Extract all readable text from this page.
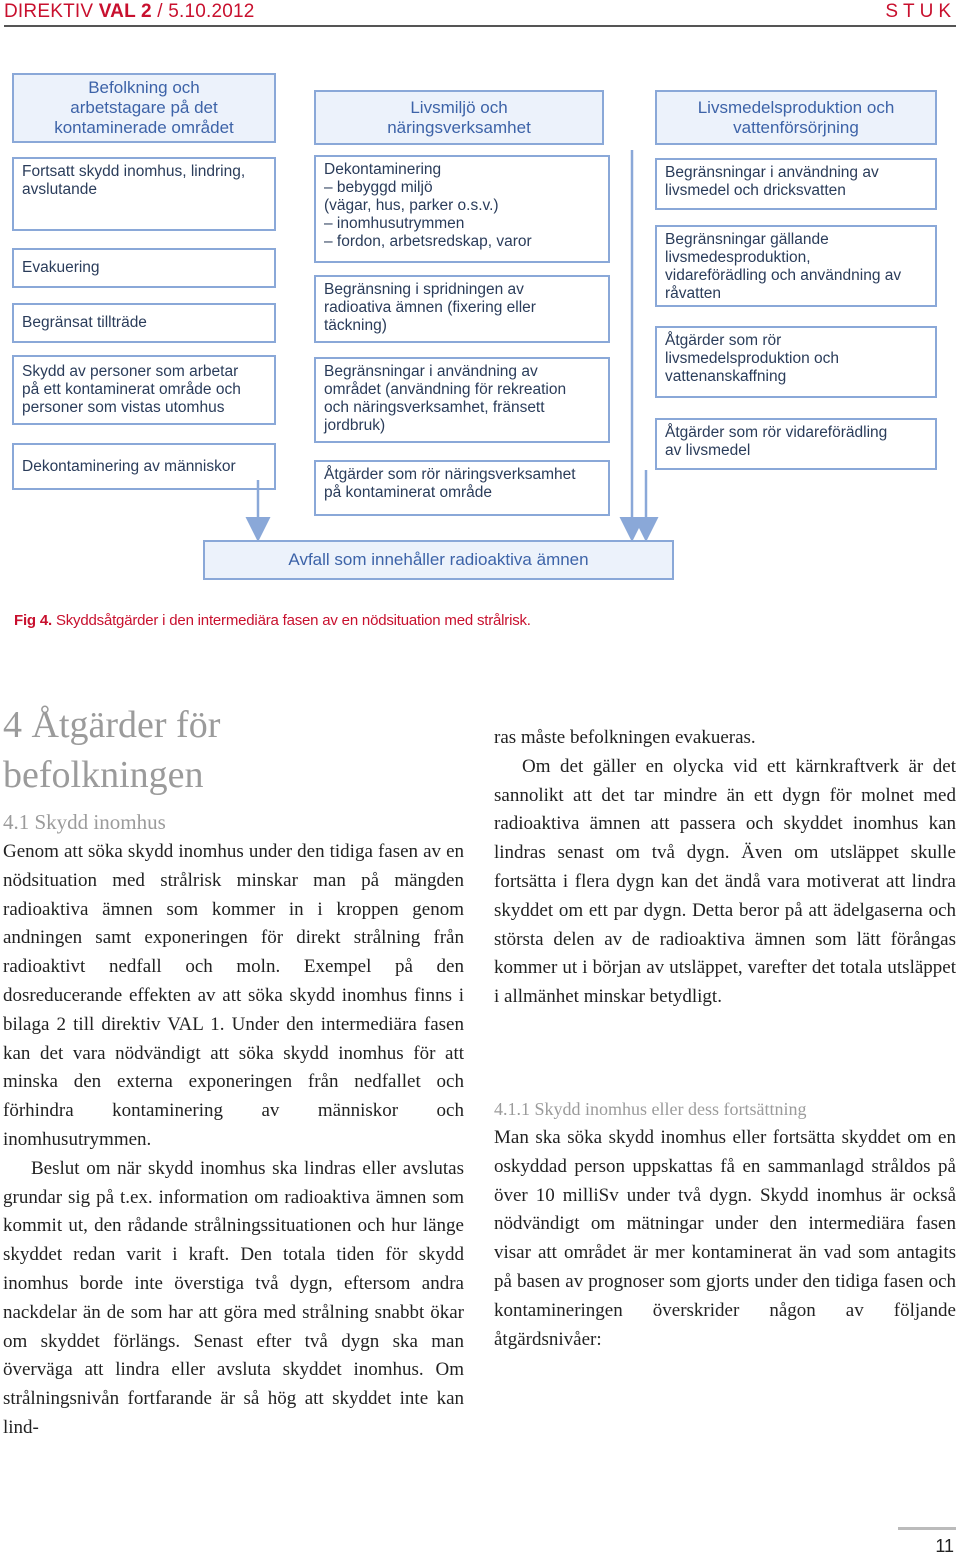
DIREKTIV VAL 2 / 5.10.2012	STUK
Befolkning och
arbetstagare på det
kontaminerade området
Fortsatt skydd inomhus, lindring,
avslutande
Evakuering
Begränsat tillträde
Skydd av personer som arbetar
på ett kontaminerat område och
personer som vistas utomhus
Dekontaminering av människor
Livsmiljö och
näringsverksamhet
Dekontaminering
– bebyggd miljö
(vägar, hus, parker o.s.v.)
– inomhusutrymmen
– fordon, arbetsredskap, varor
Begränsning i spridningen av
radioativa ämnen (fixering eller
täckning)
Begränsningar i användning av
området (användning för rekreation
och näringsverksamhet, fränsett
jordbruk)
Åtgärder som rör näringsverksamhet
på kontaminerat område
Livsmedelsproduktion och
vattenförsörjning
Begränsningar i användning av
livsmedel och dricksvatten
Begränsningar gällande
livsmedesproduktion,
vidareförädling och användning av
råvatten
Åtgärder som rör
livsmedelsproduktion och
vattenanskaffning
Åtgärder som rör vidareförädling
av livsmedel
Avfall som innehåller radioaktiva ämnen
Fig 4. Skyddsåtgärder i den intermediära fasen av en nödsituation med strålrisk.
4 Åtgärder för
befolkningen
4.1 Skydd inomhus

Genom att söka skydd inomhus under den tidiga fasen av en nödsituation med strålrisk minskar man på mängden radioaktiva ämnen som kommer in i kroppen genom andningen samt exponeringen för direkt strålning från radioaktivt nedfall och moln. Exempel på den dosreducerande effekten av att söka skydd inomhus finns i bilaga 2 till direktiv VAL 1. Under den intermediära fasen kan det vara nödvändigt att söka skydd inomhus för att minska den externa exponeringen från nedfallet och förhindra kontaminering av människor och inomhusutrymmen.

Beslut om när skydd inomhus ska lindras eller avslutas grundar sig på t.ex. information om radioaktiva ämnen som kommit ut, den rådande strålningssituationen och hur länge skyddet redan varit i kraft. Den totala tiden för skydd inomhus borde inte överstiga två dygn, eftersom andra nackdelar än de som har att göra med strålning snabbt ökar om skyddet förlängs. Senast efter två dygn ska man överväga att lindra eller avsluta skyddet inomhus. Om strålningsnivån fortfarande är så hög att skyddet inte kan lind-

ras måste befolkningen evakueras.

Om det gäller en olycka vid ett kärnkraftverk är det sannolikt att det tar mindre än ett dygn för molnet med radioaktiva ämnen att passera och skyddet inomhus kan lindras senast om två dygn. Även om utsläppet skulle fortsätta i flera dygn kan det ändå vara motiverat att lindra skyddet om ett par dygn. Detta beror på att ädelgaserna och största delen av de radioaktiva ämnen som lätt förångas kommer ut i början av utsläppet, varefter det totala utsläppet i allmänhet minskar betydligt.

4.1.1 Skydd inomhus eller dess fortsättning

Man ska söka skydd inomhus eller fortsätta skyddet om en oskyddad person uppskattas få en sammanlagd stråldos på över 10 milliSv under två dygn. Skydd inomhus är också nödvändigt om mätningar under den intermediära fasen visar att området är mer kontaminerat än vad som antagits på basen av prognoser som gjorts under den tidiga fasen och kontamineringen överskrider någon av följande åtgärdsnivåer:

11
